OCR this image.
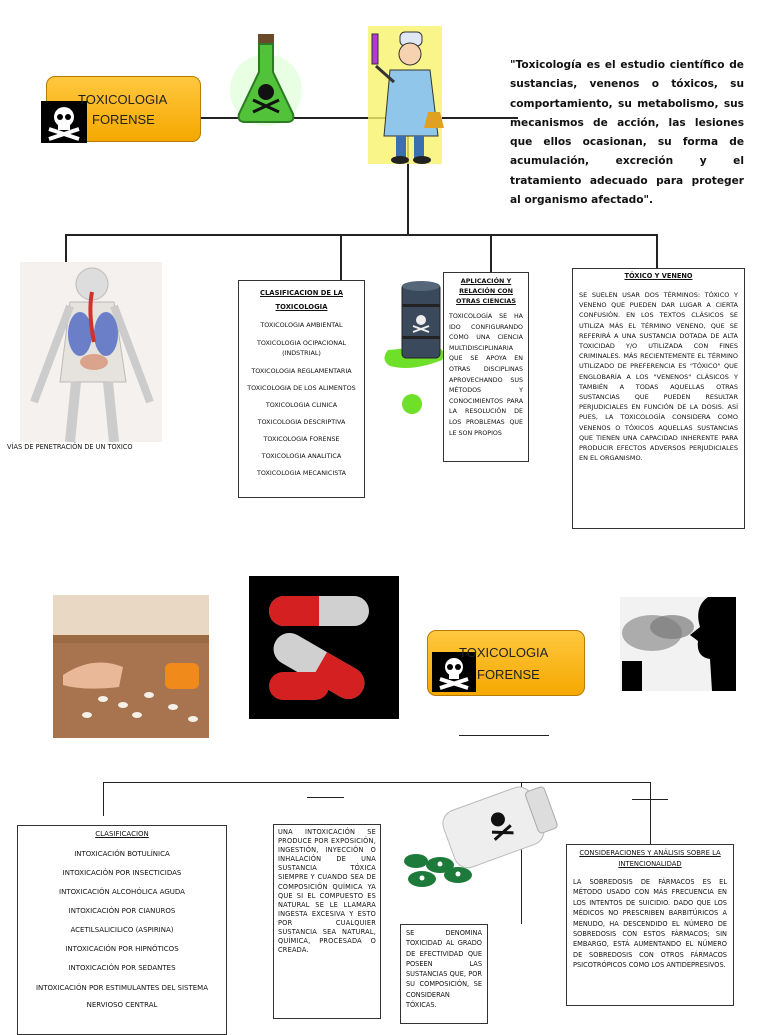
TOXICOLOGIA
FORENSE
"Toxicología es el estudio científico de sustancias, venenos o tóxicos, su comportamiento, su metabolismo, sus mecanismos de acción, las lesiones que ellos ocasionan, su forma de acumulación, excreción y el tratamiento adecuado para proteger al organismo afectado".
VÍAS DE PENETRACIÓN DE UN TOXICO

CLASIFICACION DE LA

TOXICOLOGIA

TOXICOLOGIA AMBIENTAL
TOXICOLOGIA OCIPACIONAL (INDSTRIAL)
TOXICOLOGIA REGLAMENTARIA
TOXICOLOGIA DE LOS ALIMENTOS
TOXICOLOGIA CLINICA
TOXICOLOGIA DESCRIPTIVA
TOXICOLOGIA FORENSE
TOXICOLOGIA ANALITICA
TOXICOLOGIA MECANICISTA

APLICACIÓN Y RELACIÓN CON OTRAS CIENCIAS

TOXICOLOGÍA SE HA IDO CONFIGURANDO COMO UNA CIENCIA MULTIDISCIPLINARIA QUE SE APOYA EN OTRAS DISCIPLINAS APROVECHANDO SUS MÉTODOS Y CONOCIMIENTOS PARA LA RESOLUCIÓN DE LOS PROBLEMAS QUE LE SON PROPIOS

TÓXICO Y VENENO

SE SUELEN USAR DOS TÉRMINOS: TÓXICO Y VENENO QUE PUEDEN DAR LUGAR A CIERTA CONFUSIÓN. EN LOS TEXTOS CLÁSICOS SE UTILIZA MÁS EL TÉRMINO VENENO, QUE SE REFERIRÁ A UNA SUSTANCIA DOTADA DE ALTA TOXICIDAD Y/O UTILIZADA CON FINES CRIMINALES. MÁS RECIENTEMENTE EL TÉRMINO UTILIZADO DE PREFERENCIA ES "TÓXICO" QUE ENGLOBARÍA A LOS "VENENOS" CLÁSICOS Y TAMBIÉN A TODAS AQUELLAS OTRAS SUSTANCIAS QUE PUEDEN RESULTAR PERJUDICIALES EN FUNCIÓN DE LA DOSIS. ASÍ PUES, LA TOXICOLOGÍA CONSIDERA COMO VENENOS O TÓXICOS AQUELLAS SUSTANCIAS QUE TIENEN UNA CAPACIDAD INHERENTE PARA PRODUCIR EFECTOS ADVERSOS PERJUDICIALES EN EL ORGANISMO.

TOXICOLOGIA
FORENSE

CLASIFICACION

INTOXICACIÓN BOTULÍNICA
INTOXICACIÓN POR INSECTICIDAS
INTOXICACIÓN ALCOHÓLICA AGUDA
INTOXICACIÓN POR CIANUROS
ACETILSALICILICO (ASPIRINA)
INTOXICACIÓN POR HIPNÓTICOS
INTOXICACIÓN POR SEDANTES
INTOXICACIÓN POR ESTIMULANTES DEL SISTEMA
NERVIOSO CENTRAL

UNA INTOXICACIÓN SE PRODUCE POR EXPOSICIÓN, INGESTIÓN, INYECCIÓN O INHALACIÓN DE UNA SUSTANCIA TÓXICA SIEMPRE Y CUANDO SEA DE COMPOSICIÓN QUÍMICA YA QUE SI EL COMPUESTO ES NATURAL SE LE LLAMARA INGESTA EXCESIVA Y ESTO POR CUALQUIER SUSTANCIA SEA NATURAL, QUÍMICA, PROCESADA O CREADA.

SE DENOMINA TOXICIDAD AL GRADO DE EFECTIVIDAD QUE POSEEN LAS SUSTANCIAS QUE, POR SU COMPOSICIÓN, SE CONSIDERAN TÓXICAS.

CONSIDERACIONES Y ANÁLISIS SOBRE LA INTENCIONALIDAD

LA SOBREDOSIS DE FÁRMACOS ES EL MÉTODO USADO CON MÁS FRECUENCIA EN LOS INTENTOS DE SUICIDIO. DADO QUE LOS MÉDICOS NO PRESCRIBEN BARBITÚRICOS A MENUDO, HA DESCENDIDO EL NÚMERO DE SOBREDOSIS CON ESTOS FÁRMACOS; SIN EMBARGO, ESTÁ AUMENTANDO EL NÚMERO DE SOBREDOSIS CON OTROS FÁRMACOS PSICOTRÓPICOS COMO LOS ANTIDEPRESIVOS.
